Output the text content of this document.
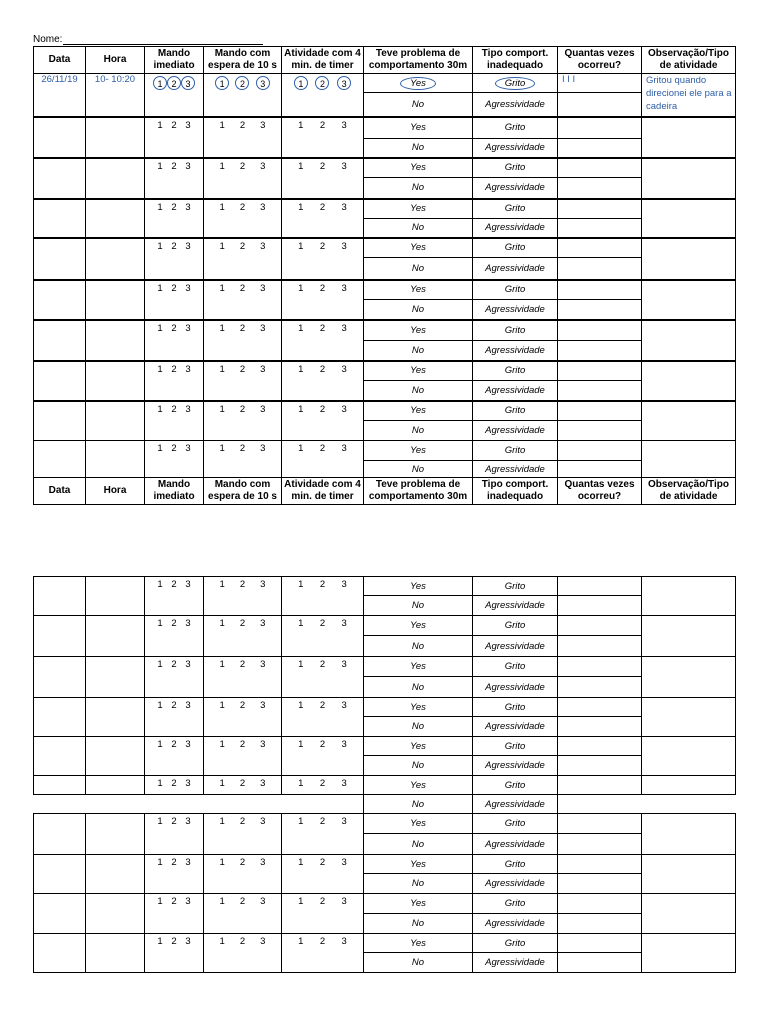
Nome:
Data	Hora	Mando imediato	Mando com espera de 10 s	Atividade com 4 min. de timer	Teve problema de comportamento 30m	Tipo comport. inadequado	Quantas vezes ocorreu?	Observação/Tipo de atividade
26/11/19	10- 10:20	1 2 3	1 2 3	1 2 3	Yes	Grito	I I I	Gritou quando direcionei ele para a cadeira
					No	Agressividade		

		1 2 3	1 2 3	1 2 3	Yes	Grito		
					No	Agressividade		

		1 2 3	1 2 3	1 2 3	Yes	Grito		
					No	Agressividade		

		1 2 3	1 2 3	1 2 3	Yes	Grito		
					No	Agressividade		

		1 2 3	1 2 3	1 2 3	Yes	Grito		
					No	Agressividade		

		1 2 3	1 2 3	1 2 3	Yes	Grito		
					No	Agressividade		

		1 2 3	1 2 3	1 2 3	Yes	Grito		
					No	Agressividade		

		1 2 3	1 2 3	1 2 3	Yes	Grito		
					No	Agressividade		

		1 2 3	1 2 3	1 2 3	Yes	Grito		
					No	Agressividade		

		1 2 3	1 2 3	1 2 3	Yes	Grito		
					No	Agressividade		
Data	Hora	Mando imediato	Mando com espera de 10 s	Atividade com 4 min. de timer	Teve problema de comportamento 30m	Tipo comport. inadequado	Quantas vezes ocorreu?	Observação/Tipo de atividade

		1 2 3	1 2 3	1 2 3	Yes	Grito		
					No	Agressividade		

		1 2 3	1 2 3	1 2 3	Yes	Grito		
					No	Agressividade		

		1 2 3	1 2 3	1 2 3	Yes	Grito		
					No	Agressividade		

		1 2 3	1 2 3	1 2 3	Yes	Grito		
					No	Agressividade		

		1 2 3	1 2 3	1 2 3	Yes	Grito		
					No	Agressividade		

		1 2 3	1 2 3	1 2 3	Yes	Grito		
					No	Agressividade		

		1 2 3	1 2 3	1 2 3	Yes	Grito		
					No	Agressividade		

		1 2 3	1 2 3	1 2 3	Yes	Grito		
					No	Agressividade		

		1 2 3	1 2 3	1 2 3	Yes	Grito		
					No	Agressividade		

		1 2 3	1 2 3	1 2 3	Yes	Grito		
					No	Agressividade		
